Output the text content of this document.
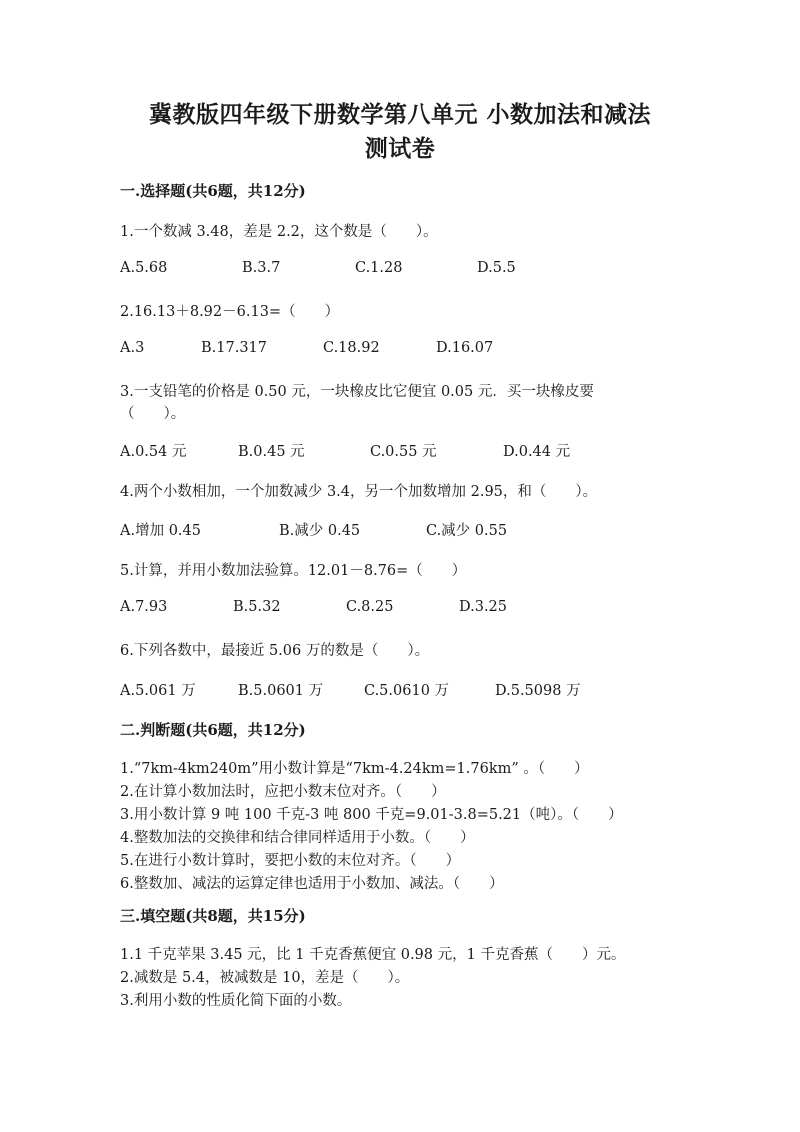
冀教版四年级下册数学第八单元 小数加法和减法
测试卷
一.选择题(共6题，共12分)
1.一个数减 3.48，差是 2.2，这个数是（　　）。
A.5.68	B.3.7	C.1.28	D.5.5
2.16.13＋8.92－6.13=（　　）
A.3	B.17.317	C.18.92	D.16.07
3.一支铅笔的价格是 0.50 元，一块橡皮比它便宜 0.05 元．买一块橡皮要
（　　）。
A.0.54 元	B.0.45 元	C.0.55 元	D.0.44 元
4.两个小数相加，一个加数减少 3.4，另一个加数增加 2.95，和（　　）。
A.增加 0.45	B.减少 0.45	C.减少 0.55
5.计算，并用小数加法验算。12.01－8.76=（　　）
A.7.93	B.5.32	C.8.25	D.3.25
6.下列各数中，最接近 5.06 万的数是（　　）。
A.5.061 万	B.5.0601 万	C.5.0610 万	D.5.5098 万
二.判断题(共6题，共12分)
1.“7km-4km240m”用小数计算是“7km-4.24km=1.76km” 。（　　）
2.在计算小数加法时，应把小数末位对齐。（　　）
3.用小数计算 9 吨 100 千克-3 吨 800 千克=9.01-3.8=5.21（吨）。（　　）
4.整数加法的交换律和结合律同样适用于小数。（　　）
5.在进行小数计算时，要把小数的末位对齐。（　　）
6.整数加、减法的运算定律也适用于小数加、减法。（　　）
三.填空题(共8题，共15分)
1.1 千克苹果 3.45 元，比 1 千克香蕉便宜 0.98 元，1 千克香蕉（　　）元。
2.减数是 5.4，被减数是 10，差是（　　）。
3.利用小数的性质化简下面的小数。
